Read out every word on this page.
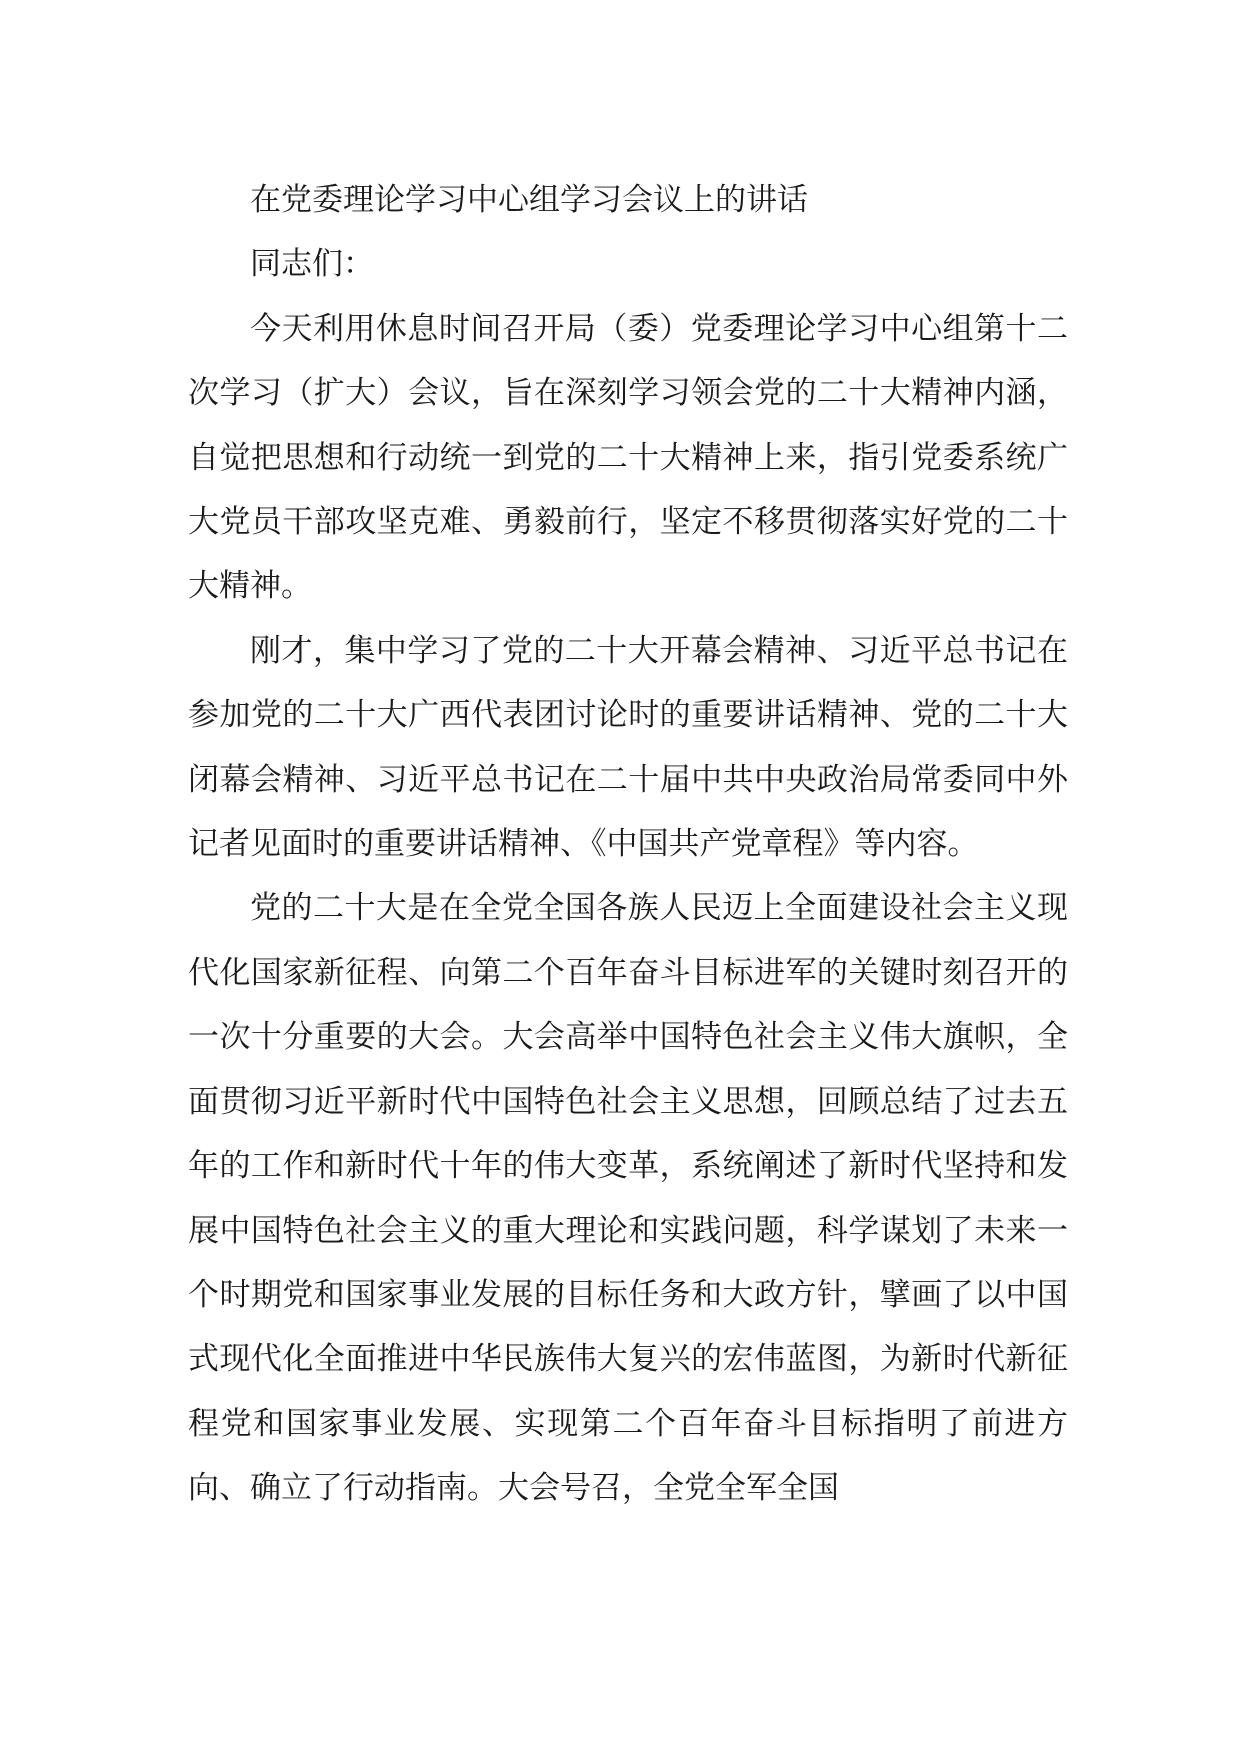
在党委理论学习中心组学习会议上的讲话

同志们：

今天利用休息时间召开局（委）党委理论学习中心组第十二次学习（扩大）会议，旨在深刻学习领会党的二十大精神内涵，自觉把思想和行动统一到党的二十大精神上来，指引党委系统广大党员干部攻坚克难、勇毅前行，坚定不移贯彻落实好党的二十大精神。

刚才，集中学习了党的二十大开幕会精神、习近平总书记在参加党的二十大广西代表团讨论时的重要讲话精神、党的二十大闭幕会精神、习近平总书记在二十届中共中央政治局常委同中外记者见面时的重要讲话精神、《中国共产党章程》等内容。

党的二十大是在全党全国各族人民迈上全面建设社会主义现代化国家新征程、向第二个百年奋斗目标进军的关键时刻召开的一次十分重要的大会。大会高举中国特色社会主义伟大旗帜，全面贯彻习近平新时代中国特色社会主义思想，回顾总结了过去五年的工作和新时代十年的伟大变革，系统阐述了新时代坚持和发展中国特色社会主义的重大理论和实践问题，科学谋划了未来一个时期党和国家事业发展的目标任务和大政方针，擘画了以中国式现代化全面推进中华民族伟大复兴的宏伟蓝图，为新时代新征程党和国家事业发展、实现第二个百年奋斗目标指明了前进方向、确立了行动指南。大会号召，全党全军全国
